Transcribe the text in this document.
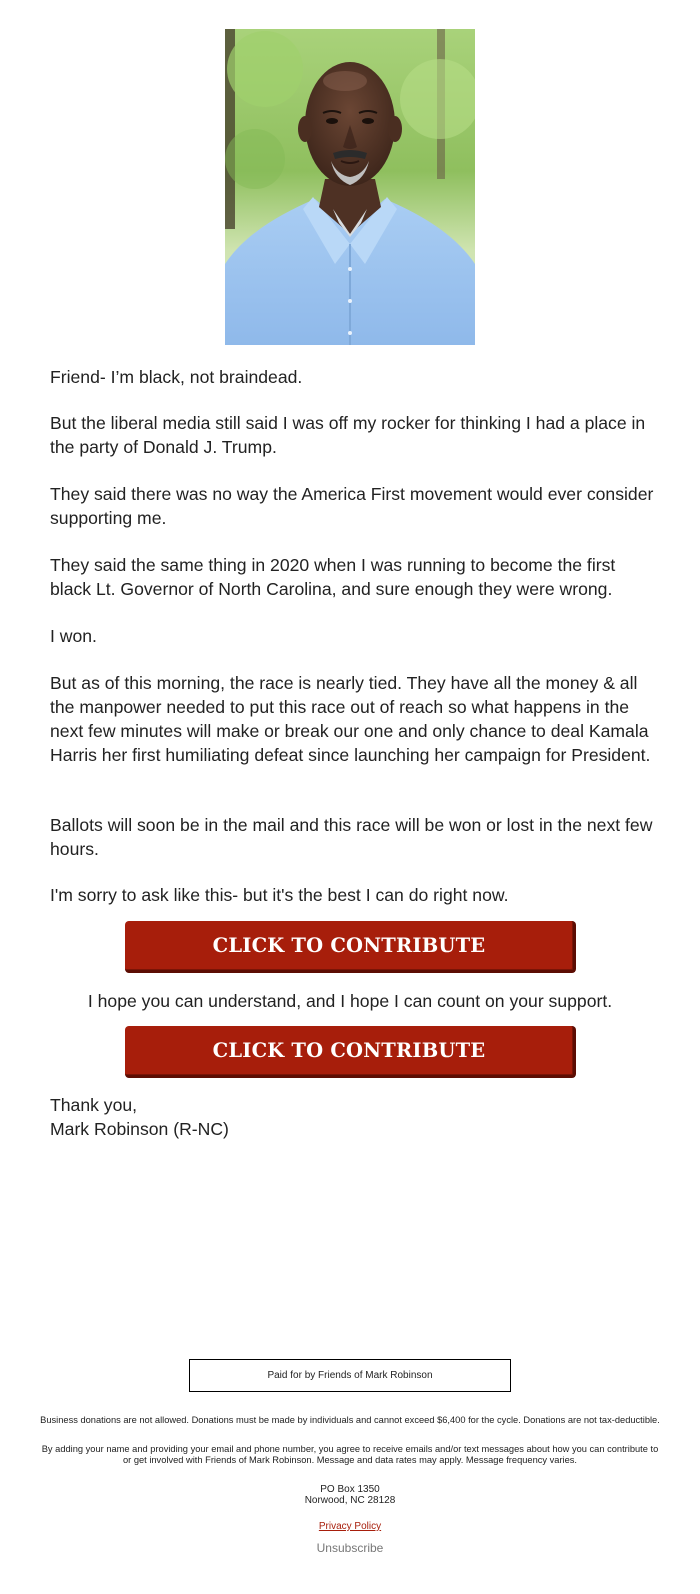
Friend- I’m black, not braindead.

But the liberal media still said I was off my rocker for thinking I had a place in the party of Donald J. Trump.

They said there was no way the America First movement would ever consider supporting me.

They said the same thing in 2020 when I was running to become the first black Lt. Governor of North Carolina, and sure enough they were wrong.

I won.

But as of this morning, the race is nearly tied. They have all the money & all the manpower needed to put this race out of reach so what happens in the next few minutes will make or break our one and only chance to deal Kamala Harris her first humiliating defeat since launching her campaign for President.

Ballots will soon be in the mail and this race will be won or lost in the next few hours.

I'm sorry to ask like this- but it's the best I can do right now.

CLICK TO CONTRIBUTE

I hope you can understand, and I hope I can count on your support.

CLICK TO CONTRIBUTE

Thank you,

Mark Robinson (R-NC)

Paid for by Friends of Mark Robinson

Business donations are not allowed. Donations must be made by individuals and cannot exceed $6,400 for the cycle. Donations are not tax-deductible.

By adding your name and providing your email and phone number, you agree to receive emails and/or text messages about how you can contribute to or get involved with Friends of Mark Robinson. Message and data rates may apply. Message frequency varies.

PO Box 1350

Norwood, NC 28128

Privacy Policy
Unsubscribe
